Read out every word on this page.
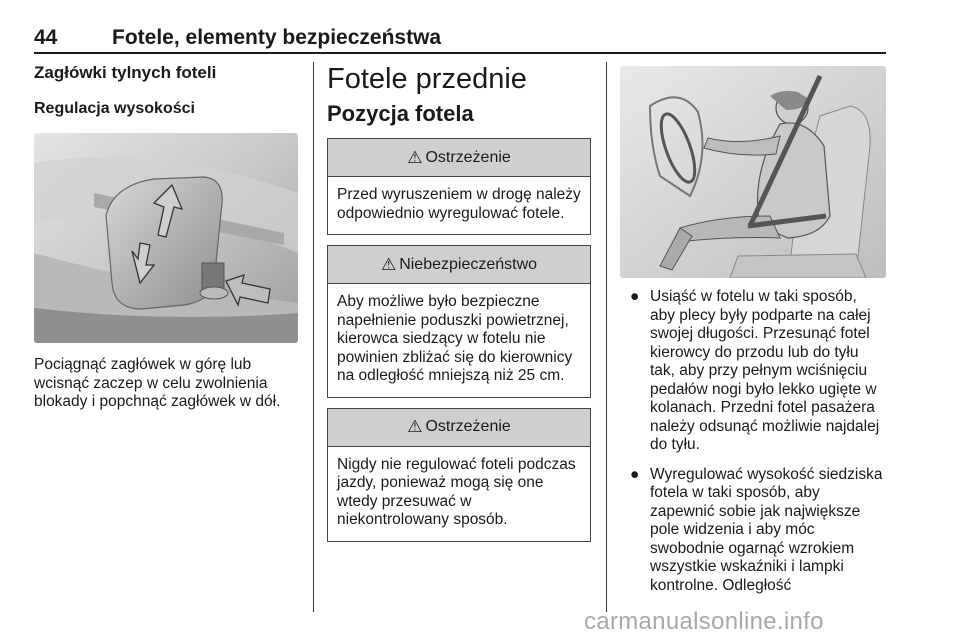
44	Fotele, elementy bezpieczeństwa
Zagłówki tylnych foteli
Regulacja wysokości

Pociągnąć zagłówek w górę lub wcisnąć zaczep w celu zwolnienia blokady i popchnąć zagłówek w dół.

Fotele przednie
Pozycja fotela
⚠ Ostrzeżenie
Przed wyruszeniem w drogę należy odpowiednio wyregulować fotele.
⚠ Niebezpieczeństwo
Aby możliwe było bezpieczne napełnienie poduszki powietrznej, kierowca siedzący w fotelu nie powinien zbliżać się do kierownicy na odległość mniejszą niż 25 cm.
⚠ Ostrzeżenie
Nigdy nie regulować foteli podczas jazdy, ponieważ mogą się one wtedy przesuwać w niekontrolowany sposób.
● Usiąść w fotelu w taki sposób, aby plecy były podparte na całej swojej długości. Przesunąć fotel kierowcy do przodu lub do tyłu tak, aby przy pełnym wciśnięciu pedałów nogi było lekko ugięte w kolanach. Przedni fotel pasażera należy odsunąć możliwie najdalej do tyłu.
● Wyregulować wysokość siedziska fotela w taki sposób, aby zapewnić sobie jak największe pole widzenia i aby móc swobodnie ogarnąć wzrokiem wszystkie wskaźniki i lampki kontrolne. Odległość
carmanualsonline.info
